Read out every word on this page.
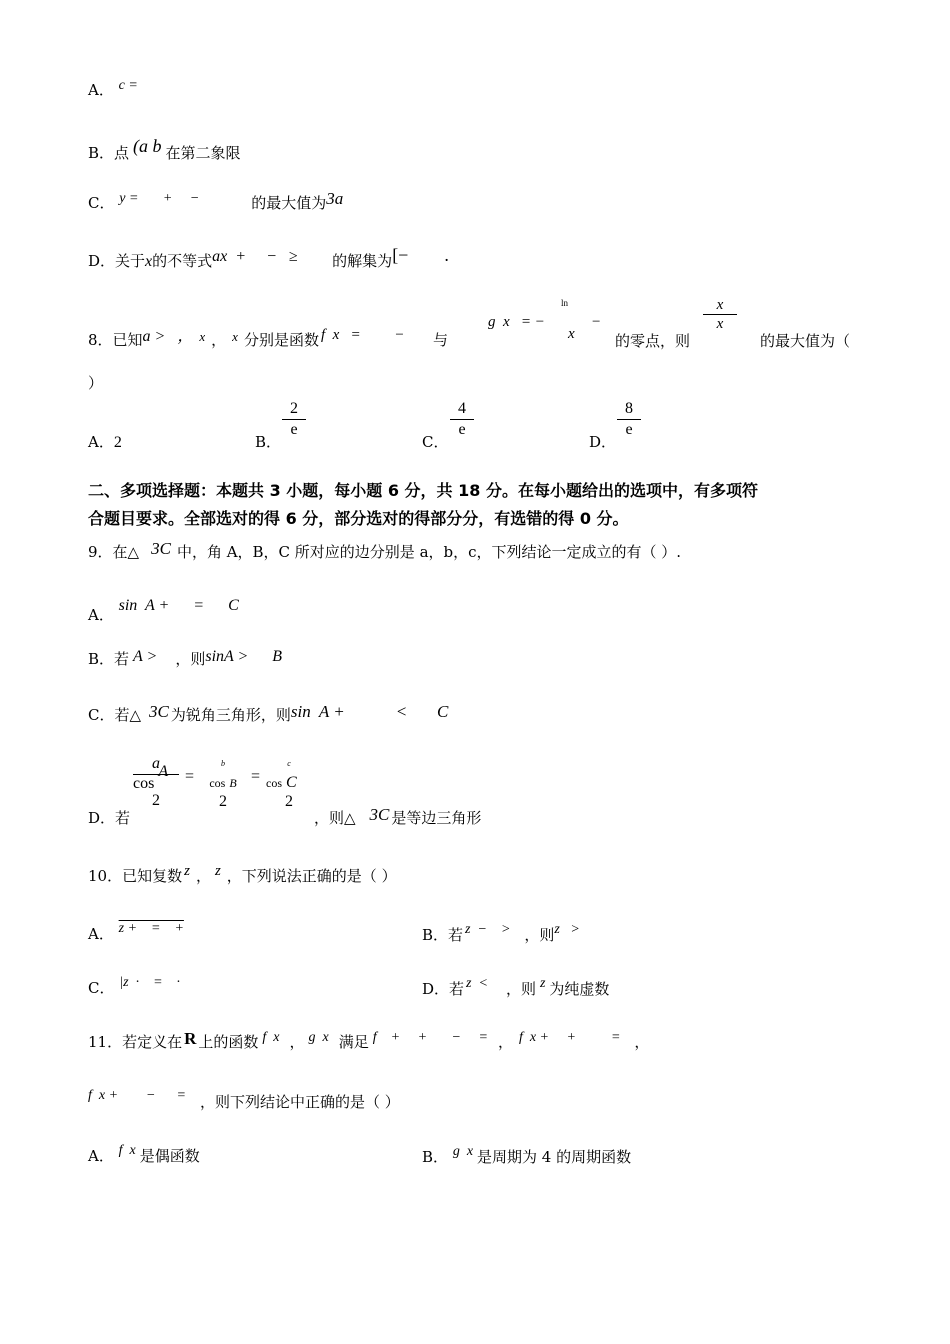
A． c =
B．点 (a b 在第二象限
C． y =       +     −	的最大值为3a
D．关于x的不等式ax  +     −   ≥ 的解集为[−        .
8．已知a >   ， x ， x 分别是函数 f  x   =         − 与
g  x   = −
ln
x
−
的零点，则
x
x
的最大值为（
）
A．2	B．
2
e
C．
4
e
D．
8
e
二、多项选择题：本题共 3 小题，每小题 6 分，共 18 分。在每小题给出的选项中，有多项符
合题目要求。全部选对的得 6 分，部分选对的得部分分，有选错的得 0 分。
9．在△ 3C 中，角 A，B，C 所对应的边分别是 a，b，c，下列结论一定成立的有（ ）.
A． sin  A +      =      C
B．若 A > ，则sinA >      B
C．若△ 3C 为锐角三角形，则sin  A +            <       C
D．若
a
cosA
2
=
b
cos B
2
=
c
cos C
2
，则△ 3C 是等边三角形
10．已知复数 z ， z ，下列说法正确的是（ ）
A． z +    =    +	B．若 z  −    > ，则z   >
C． |z  ·    =    ·	D．若 z  < ，则 z 为纯虚数
11．若定义在 R 上的函数 f  x ， g  x 满足 f    +     +       −     = ， f  x +     +          = ，
f  x +        −      = ，则下列结论中正确的是（ ）
A． f  x 是偶函数	B． g  x 是周期为 4 的周期函数
